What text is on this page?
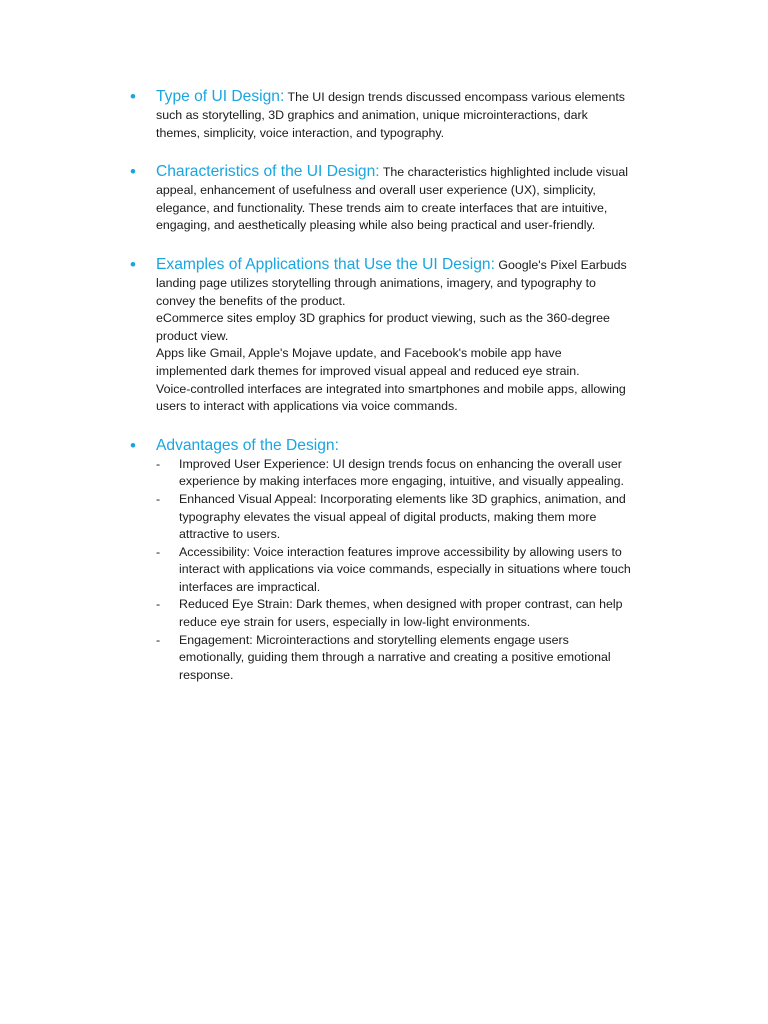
• Type of UI Design: The UI design trends discussed encompass various elements
such as storytelling, 3D graphics and animation, unique microinteractions, dark
themes, simplicity, voice interaction, and typography.
• Characteristics of the UI Design: The characteristics highlighted include visual
appeal, enhancement of usefulness and overall user experience (UX), simplicity,
elegance, and functionality. These trends aim to create interfaces that are intuitive,
engaging, and aesthetically pleasing while also being practical and user-friendly.
• Examples of Applications that Use the UI Design: Google's Pixel Earbuds
landing page utilizes storytelling through animations, imagery, and typography to
convey the benefits of the product.
eCommerce sites employ 3D graphics for product viewing, such as the 360-degree
product view.
Apps like Gmail, Apple's Mojave update, and Facebook's mobile app have
implemented dark themes for improved visual appeal and reduced eye strain.
Voice-controlled interfaces are integrated into smartphones and mobile apps, allowing
users to interact with applications via voice commands.
• Advantages of the Design:
- Improved User Experience: UI design trends focus on enhancing the overall user
experience by making interfaces more engaging, intuitive, and visually appealing.
- Enhanced Visual Appeal: Incorporating elements like 3D graphics, animation, and
typography elevates the visual appeal of digital products, making them more
attractive to users.
- Accessibility: Voice interaction features improve accessibility by allowing users to
interact with applications via voice commands, especially in situations where touch
interfaces are impractical.
- Reduced Eye Strain: Dark themes, when designed with proper contrast, can help
reduce eye strain for users, especially in low-light environments.
- Engagement: Microinteractions and storytelling elements engage users
emotionally, guiding them through a narrative and creating a positive emotional
response.
